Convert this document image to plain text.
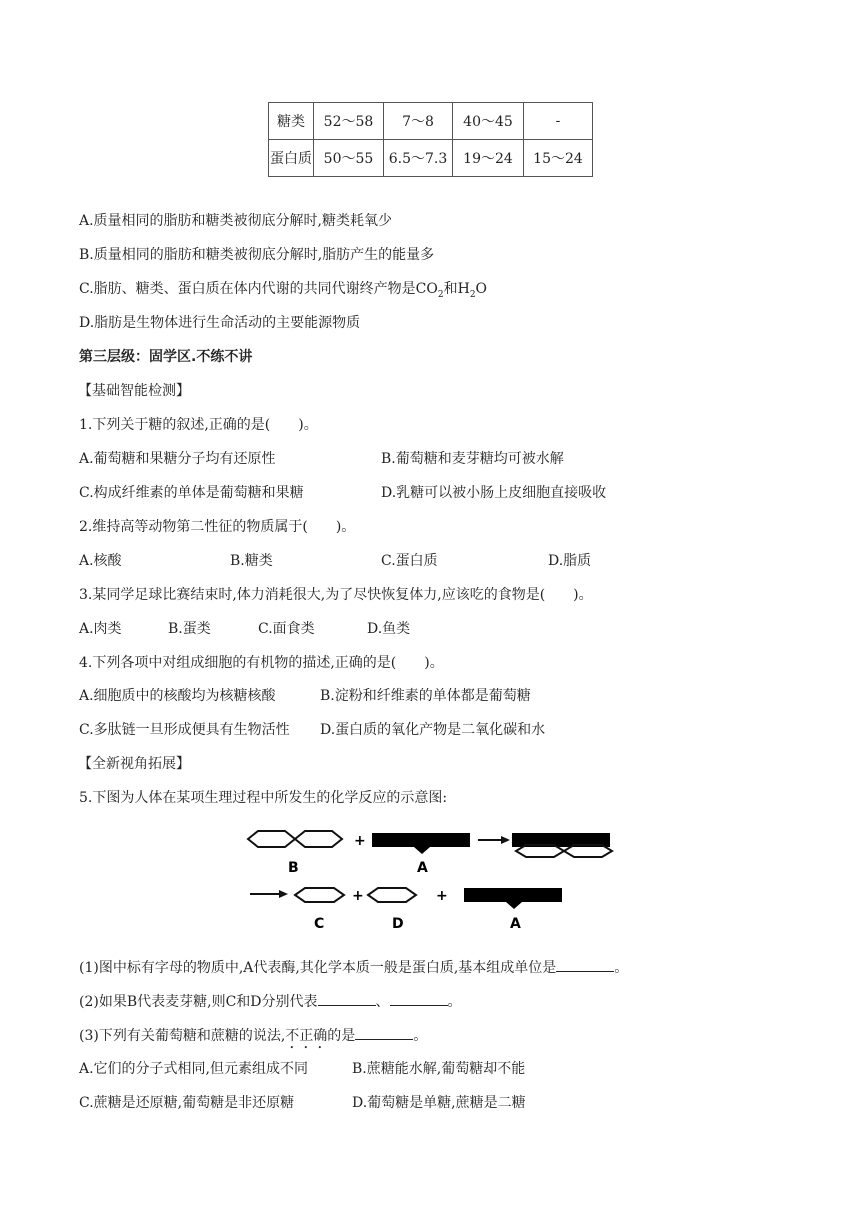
糖类	52～58	7～8	40～45	-
蛋白质	50～55	6.5～7.3	19～24	15～24
A.质量相同的脂肪和糖类被彻底分解时,糖类耗氧少
B.质量相同的脂肪和糖类被彻底分解时,脂肪产生的能量多
C.脂肪、糖类、蛋白质在体内代谢的共同代谢终产物是$CO_2$和$H_2O$
D.脂肪是生物体进行生命活动的主要能源物质
第三层级：固学区.不练不讲
【基础智能检测】
1.下列关于糖的叙述,正确的是(　　)。
A.葡萄糖和果糖分子均有还原性	B.葡萄糖和麦芽糖均可被水解
C.构成纤维素的单体是葡萄糖和果糖	D.乳糖可以被小肠上皮细胞直接吸收
2.维持高等动物第二性征的物质属于(　　)。
A.核酸	B.糖类	C.蛋白质	D.脂质
3.某同学足球比赛结束时,体力消耗很大,为了尽快恢复体力,应该吃的食物是(　　)。
A.肉类	B.蛋类	C.面食类	D.鱼类
4.下列各项中对组成细胞的有机物的描述,正确的是(　　)。
A.细胞质中的核酸均为核糖核酸	B.淀粉和纤维素的单体都是葡萄糖
C.多肽链一旦形成便具有生物活性 D.蛋白质的氧化产物是二氧化碳和水
【全新视角拓展】
5.下图为人体在某项生理过程中所发生的化学反应的示意图:
+
B	A
+	+
C	D	A
(1)图中标有字母的物质中,A代表酶,其化学本质一般是蛋白质,基本组成单位是	。
(2)如果B代表麦芽糖,则C和D分别代表	、	。
(3)下列有关葡萄糖和蔗糖的说法,不正确的是	。
A.它们的分子式相同,但元素组成不同	B.蔗糖能水解,葡萄糖却不能
C.蔗糖是还原糖,葡萄糖是非还原糖	D.葡萄糖是单糖,蔗糖是二糖
